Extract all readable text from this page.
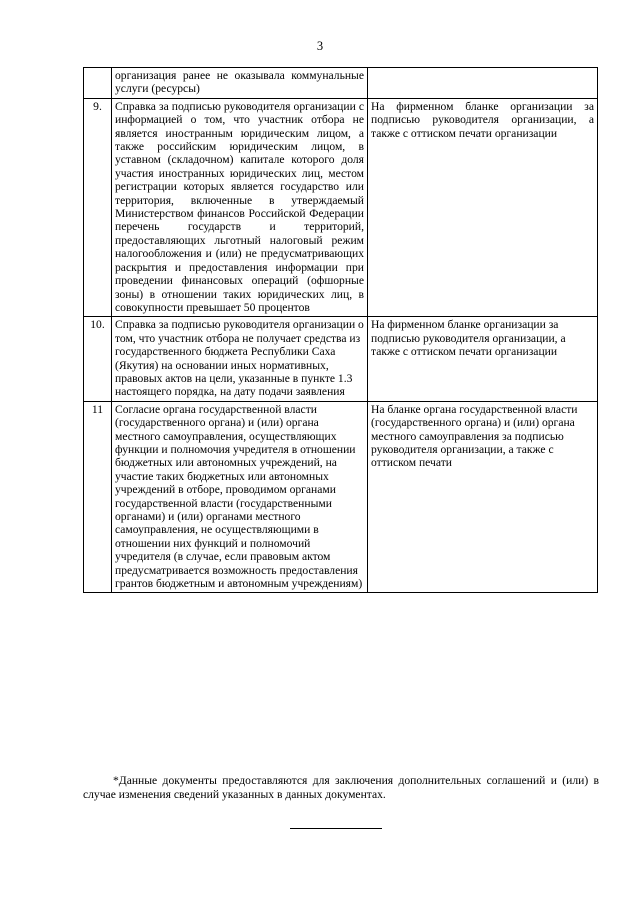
3
	организация ранее не оказывала коммунальные услуги (ресурсы)	
9.	Справка за подписью руководителя организации с информацией о том, что участник отбора не является иностранным юридическим лицом, а также российским юридическим лицом, в уставном (складочном) капитале которого доля участия иностранных юридических лиц, местом регистрации которых является государство или территория, включенные в утверждаемый Министерством финансов Российской Федерации перечень государств и территорий, предоставляющих льготный налоговый режим налогообложения и (или) не предусматривающих раскрытия и предоставления информации при проведении финансовых операций (офшорные зоны) в отношении таких юридических лиц, в совокупности превышает 50 процентов	На фирменном бланке организации за подписью руководителя организации, а также с оттиском печати организации
10.	Справка за подписью руководителя организации о том, что участник отбора не получает средства из государственного бюджета Республики Саха (Якутия) на основании иных нормативных, правовых актов на цели, указанные в пункте 1.3 настоящего порядка, на дату подачи заявления	На фирменном бланке организации за подписью руководителя организации, а также с оттиском печати организации
11	Согласие органа государственной власти (государственного органа) и (или) органа местного самоуправления, осуществляющих функции и полномочия учредителя в отношении бюджетных или автономных учреждений, на участие таких бюджетных или автономных учреждений в отборе, проводимом органами государственной власти (государственными органами) и (или) органами местного самоуправления, не осуществляющими в отношении них функций и полномочий учредителя (в случае, если правовым актом предусматривается возможность предоставления грантов бюджетным и автономным учреждениям)	На бланке органа государственной власти (государственного органа) и (или) органа местного самоуправления за подписью руководителя организации, а также с оттиском печати
*Данные документы предоставляются для заключения дополнительных соглашений и (или) в случае изменения сведений указанных в данных документах.
